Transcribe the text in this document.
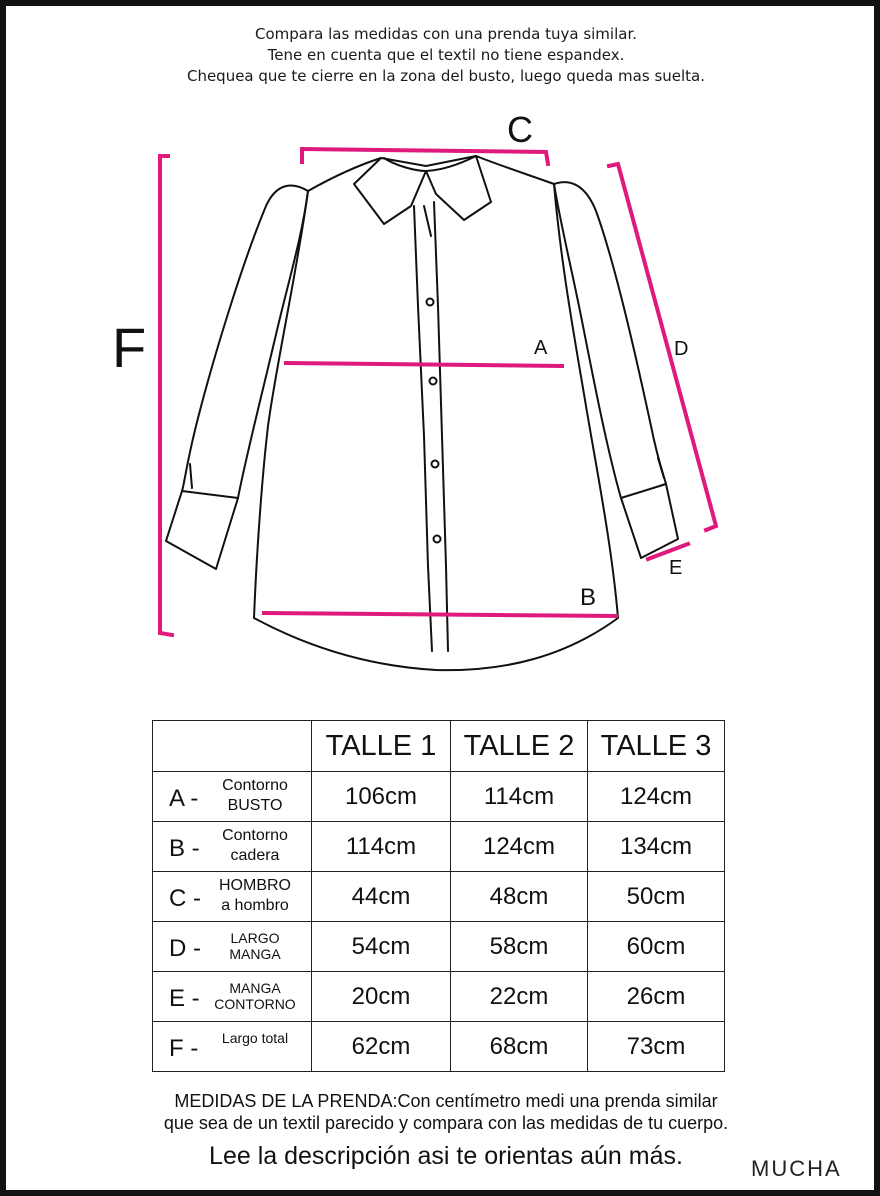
Compara las medidas con una prenda tuya similar.
Tene en cuenta que el textil no tiene espandex.
Chequea que te cierre en la zona del busto, luego queda mas suelta.
F
C
A
B
D
E
	TALLE 1	TALLE 2	TALLE 3

A - Contorno
BUSTO	106cm	114cm	124cm

B - Contorno
cadera	114cm	124cm	134cm

C - HOMBRO
a hombro	44cm	48cm	50cm

D - LARGO
MANGA	54cm	58cm	60cm

E - MANGA
CONTORNO	20cm	22cm	26cm

F - Largo total	62cm	68cm	73cm
MEDIDAS DE LA PRENDA:Con centímetro medi una prenda similar
que sea de un textil parecido y compara con las medidas de tu cuerpo.
Lee la descripción asi te orientas aún más.	MUCHA
